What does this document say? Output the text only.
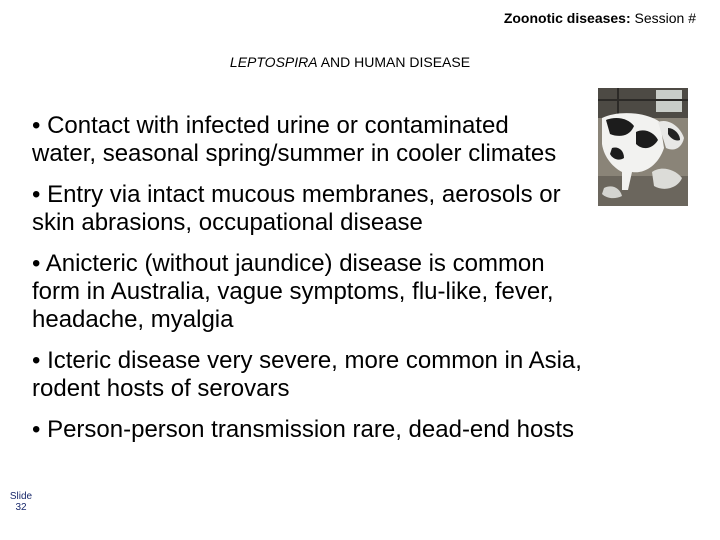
Zoonotic diseases: Session #
LEPTOSPIRA AND HUMAN DISEASE
• Contact with infected urine or contaminated
water, seasonal spring/summer in cooler climates
• Entry via intact mucous membranes, aerosols or
skin abrasions, occupational disease
• Anicteric (without jaundice) disease is common
form in Australia, vague symptoms, flu-like, fever,
headache, myalgia
• Icteric disease very severe, more common in Asia,
rodent hosts of serovars
• Person-person transmission rare, dead-end hosts
Slide
32
